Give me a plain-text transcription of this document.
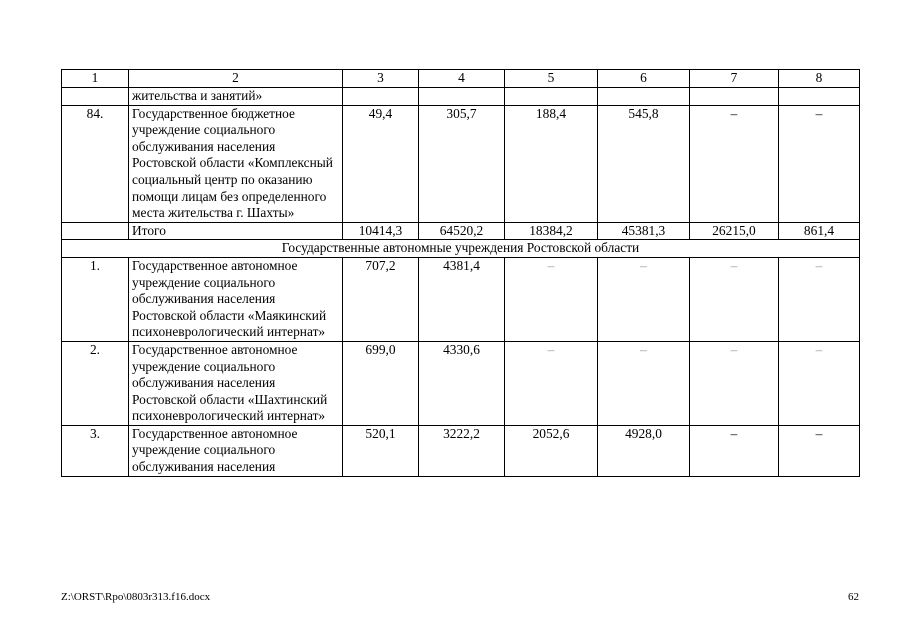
1	2	3	4	5	6	7	8
	жительства и занятий»						
84.	Государственное бюджетное учреждение социального обслуживания населения Ростовской области «Комплексный социальный центр по оказанию помощи лицам без определенного места жительства г. Шахты»	49,4	305,7	188,4	545,8	–	–
	Итого	10414,3	64520,2	18384,2	45381,3	26215,0	861,4
Государственные автономные учреждения Ростовской области							
1.	Государственное автономное учреждение социального обслуживания населения Ростовской области «Маякинский психоневрологический интернат»	707,2	4381,4	–	–	–	–
2.	Государственное автономное учреждение социального обслуживания населения Ростовской области «Шахтинский психоневрологический интернат»	699,0	4330,6	–	–	–	–
3.	Государственное автономное учреждение социального обслуживания населения	520,1	3222,2	2052,6	4928,0	–	–
Z:\ORST\Rpo\0803r313.f16.docx	62
